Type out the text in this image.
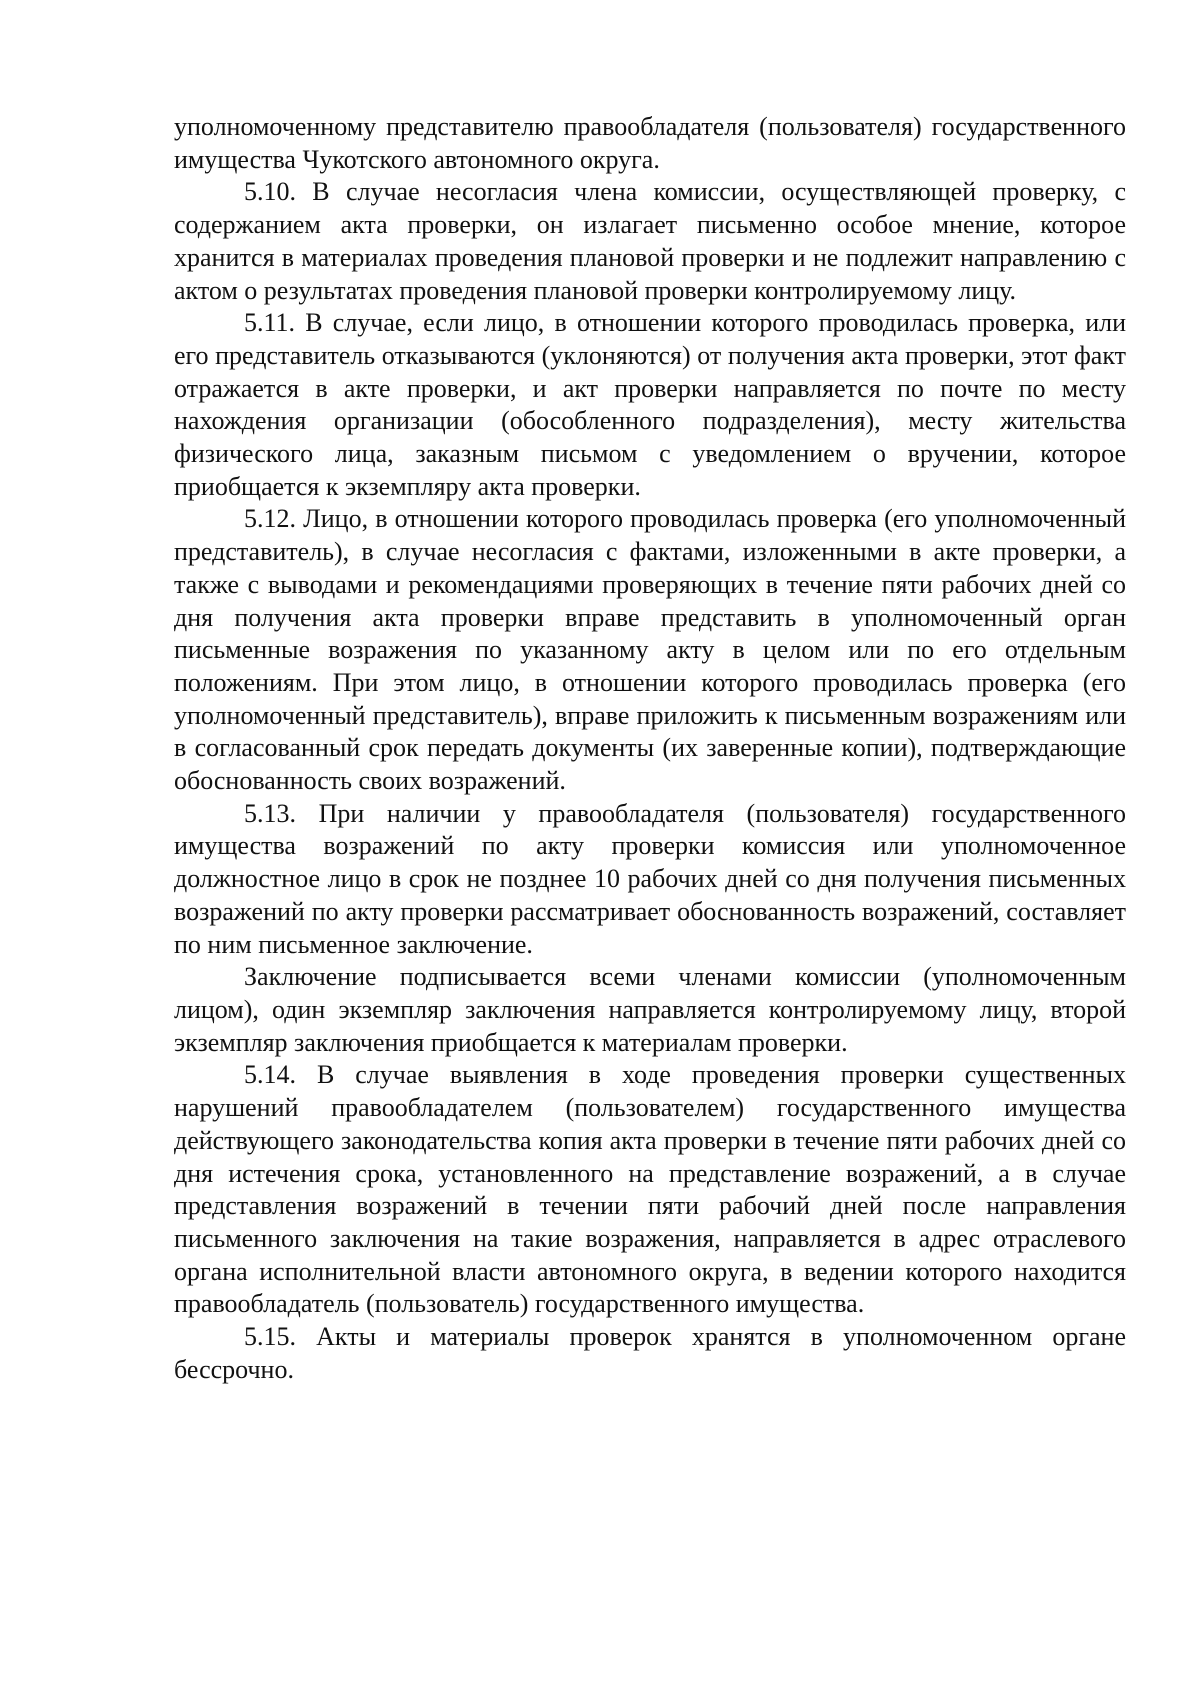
уполномоченному представителю правообладателя (пользователя) государственного имущества Чукотского автономного округа.

5.10. В случае несогласия члена комиссии, осуществляющей проверку, с содержанием акта проверки, он излагает письменно особое мнение, которое хранится в материалах проведения плановой проверки и не подлежит направлению с актом о результатах проведения плановой проверки контролируемому лицу.

5.11. В случае, если лицо, в отношении которого проводилась проверка, или его представитель отказываются (уклоняются) от получения акта проверки, этот факт отражается в акте проверки, и акт проверки направляется по почте по месту нахождения организации (обособленного подразделения), месту жительства физического лица, заказным письмом с уведомлением о вручении, которое приобщается к экземпляру акта проверки.

5.12. Лицо, в отношении которого проводилась проверка (его уполномоченный представитель), в случае несогласия с фактами, изложенными в акте проверки, а также с выводами и рекомендациями проверяющих в течение пяти рабочих дней со дня получения акта проверки вправе представить в уполномоченный орган письменные возражения по указанному акту в целом или по его отдельным положениям. При этом лицо, в отношении которого проводилась проверка (его уполномоченный представитель), вправе приложить к письменным возражениям или в согласованный срок передать документы (их заверенные копии), подтверждающие обоснованность своих возражений.

5.13. При наличии у правообладателя (пользователя) государственного имущества возражений по акту проверки комиссия или уполномоченное должностное лицо в срок не позднее 10 рабочих дней со дня получения письменных возражений по акту проверки рассматривает обоснованность возражений, составляет по ним письменное заключение.

Заключение подписывается всеми членами комиссии (уполномоченным лицом), один экземпляр заключения направляется контролируемому лицу, второй экземпляр заключения приобщается к материалам проверки.

5.14. В случае выявления в ходе проведения проверки существенных нарушений правообладателем (пользователем) государственного имущества действующего законодательства копия акта проверки в течение пяти рабочих дней со дня истечения срока, установленного на представление возражений, а в случае представления возражений в течении пяти рабочий дней после направления письменного заключения на такие возражения, направляется в адрес отраслевого органа исполнительной власти автономного округа, в ведении которого находится правообладатель (пользователь) государственного имущества.

5.15. Акты и материалы проверок хранятся в уполномоченном органе бессрочно.
